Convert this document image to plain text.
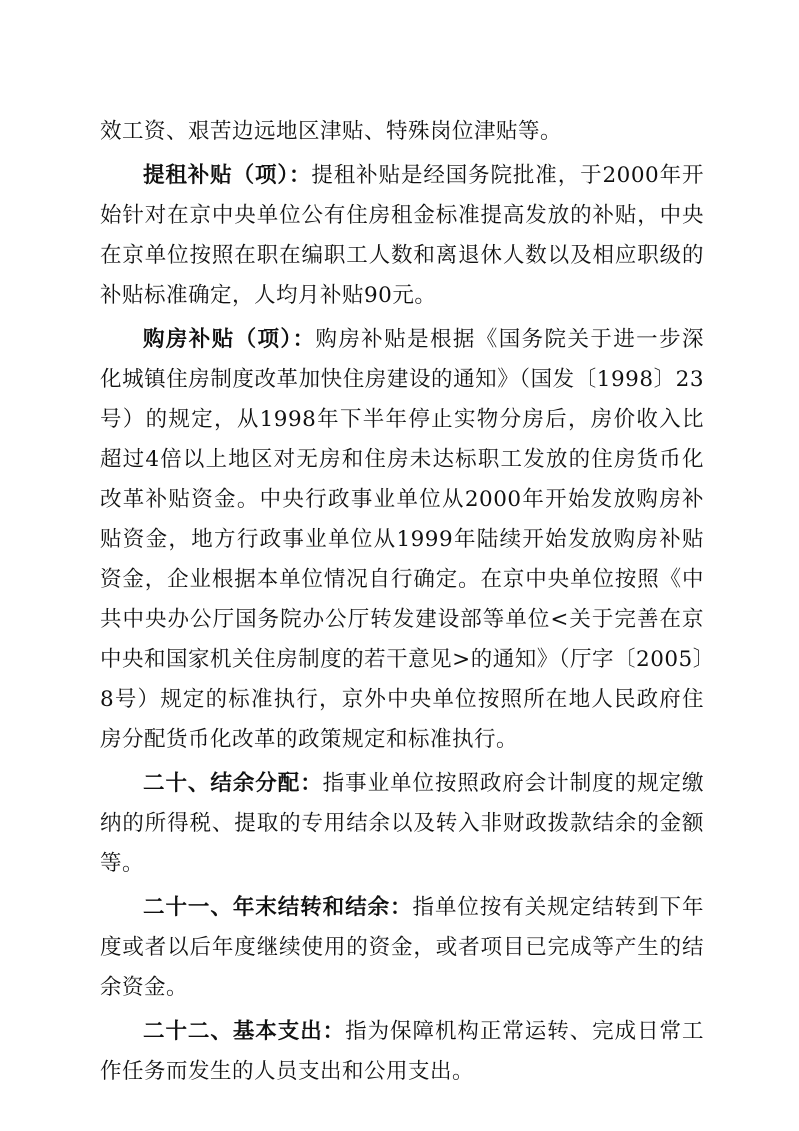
效工资、艰苦边远地区津贴、特殊岗位津贴等。

提租补贴（项）：提租补贴是经国务院批准，于2000年开始针对在京中央单位公有住房租金标准提高发放的补贴，中央在京单位按照在职在编职工人数和离退休人数以及相应职级的补贴标准确定，人均月补贴90元。

购房补贴（项）：购房补贴是根据《国务院关于进一步深化城镇住房制度改革加快住房建设的通知》（国发〔1998〕23号）的规定，从1998年下半年停止实物分房后，房价收入比超过4倍以上地区对无房和住房未达标职工发放的住房货币化改革补贴资金。中央行政事业单位从2000年开始发放购房补贴资金，地方行政事业单位从1999年陆续开始发放购房补贴资金，企业根据本单位情况自行确定。在京中央单位按照《中共中央办公厅国务院办公厅转发建设部等单位<关于完善在京中央和国家机关住房制度的若干意见>的通知》（厅字〔2005〕8号）规定的标准执行，京外中央单位按照所在地人民政府住房分配货币化改革的政策规定和标准执行。

二十、结余分配：指事业单位按照政府会计制度的规定缴纳的所得税、提取的专用结余以及转入非财政拨款结余的金额等。

二十一、年末结转和结余：指单位按有关规定结转到下年度或者以后年度继续使用的资金，或者项目已完成等产生的结余资金。

二十二、基本支出：指为保障机构正常运转、完成日常工作任务而发生的人员支出和公用支出。
